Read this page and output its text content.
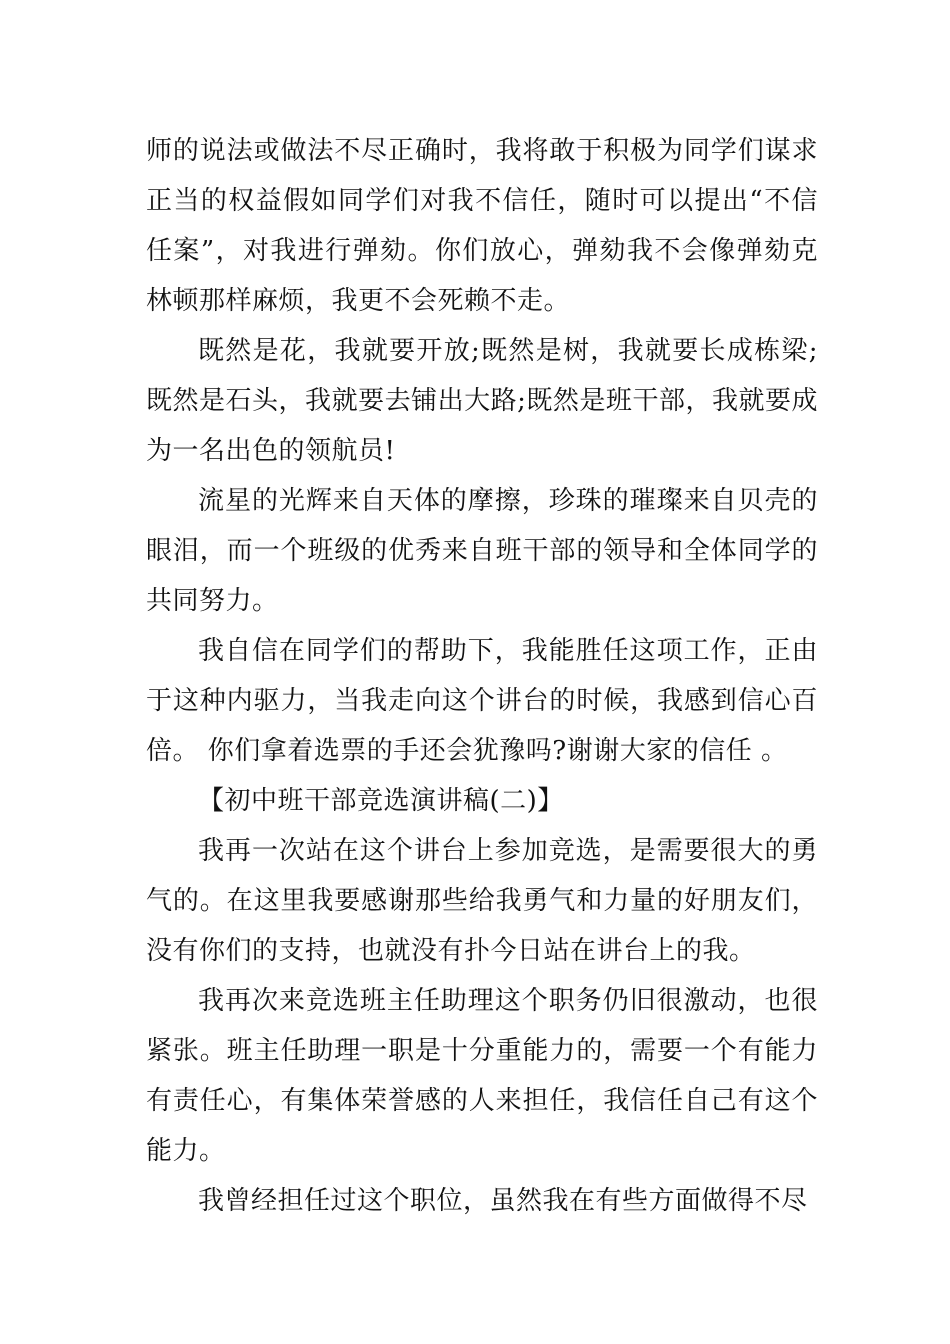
师的说法或做法不尽正确时，我将敢于积极为同学们谋求正当的权益假如同学们对我不信任，随时可以提出“不信任案”，对我进行弹劾。你们放心，弹劾我不会像弹劾克林顿那样麻烦，我更不会死赖不走。

既然是花，我就要开放;既然是树，我就要长成栋梁;既然是石头，我就要去铺出大路;既然是班干部，我就要成为一名出色的领航员!

流星的光辉来自天体的摩擦，珍珠的璀璨来自贝壳的眼泪，而一个班级的优秀来自班干部的领导和全体同学的共同努力。

我自信在同学们的帮助下，我能胜任这项工作，正由于这种内驱力，当我走向这个讲台的时候，我感到信心百倍。 你们拿着选票的手还会犹豫吗?谢谢大家的信任 。

【初中班干部竞选演讲稿(二)】

我再一次站在这个讲台上参加竞选，是需要很大的勇气的。在这里我要感谢那些给我勇气和力量的好朋友们，没有你们的支持，也就没有扑今日站在讲台上的我。

我再次来竞选班主任助理这个职务仍旧很激动，也很紧张。班主任助理一职是十分重能力的，需要一个有能力有责任心，有集体荣誉感的人来担任，我信任自己有这个能力。

我曾经担任过这个职位，虽然我在有些方面做得不尽
